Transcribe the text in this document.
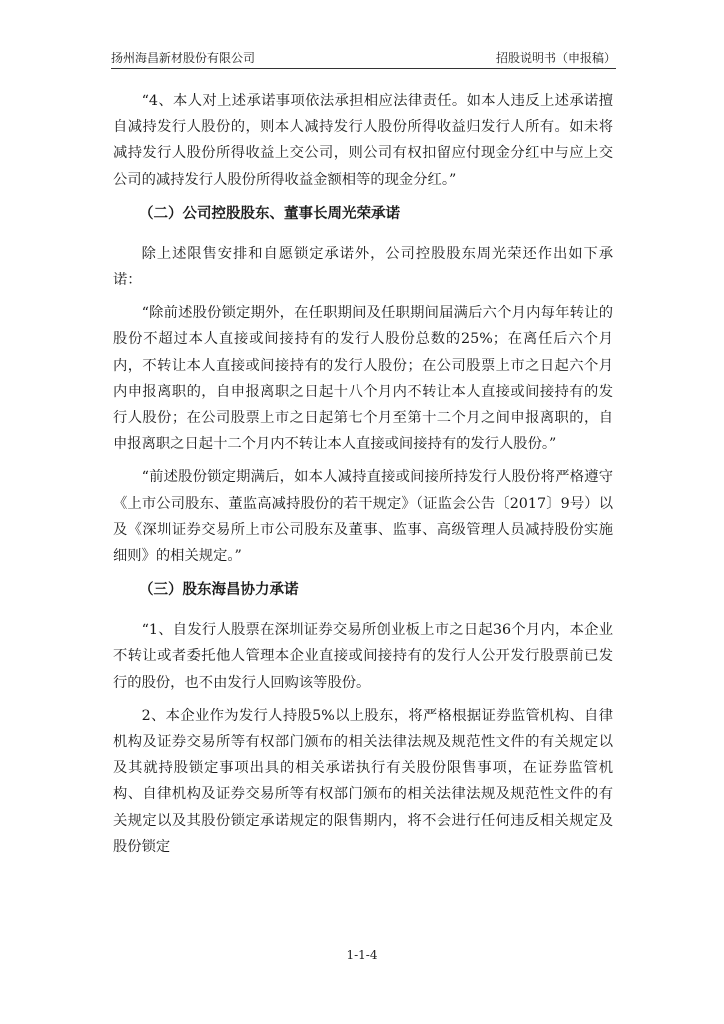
扬州海昌新材股份有限公司	招股说明书（申报稿）

“4、本人对上述承诺事项依法承担相应法律责任。如本人违反上述承诺擅自减持发行人股份的，则本人减持发行人股份所得收益归发行人所有。如未将减持发行人股份所得收益上交公司，则公司有权扣留应付现金分红中与应上交公司的减持发行人股份所得收益金额相等的现金分红。”

（二）公司控股股东、董事长周光荣承诺

除上述限售安排和自愿锁定承诺外，公司控股股东周光荣还作出如下承诺：

“除前述股份锁定期外，在任职期间及任职期间届满后六个月内每年转让的股份不超过本人直接或间接持有的发行人股份总数的25%；在离任后六个月内，不转让本人直接或间接持有的发行人股份；在公司股票上市之日起六个月内申报离职的，自申报离职之日起十八个月内不转让本人直接或间接持有的发行人股份；在公司股票上市之日起第七个月至第十二个月之间申报离职的，自申报离职之日起十二个月内不转让本人直接或间接持有的发行人股份。”

“前述股份锁定期满后，如本人减持直接或间接所持发行人股份将严格遵守《上市公司股东、董监高减持股份的若干规定》（证监会公告〔2017〕9号）以及《深圳证券交易所上市公司股东及董事、监事、高级管理人员减持股份实施细则》的相关规定。”

（三）股东海昌协力承诺

“1、自发行人股票在深圳证券交易所创业板上市之日起36个月内，本企业不转让或者委托他人管理本企业直接或间接持有的发行人公开发行股票前已发行的股份，也不由发行人回购该等股份。

2、本企业作为发行人持股5%以上股东，将严格根据证券监管机构、自律机构及证券交易所等有权部门颁布的相关法律法规及规范性文件的有关规定以及其就持股锁定事项出具的相关承诺执行有关股份限售事项，在证券监管机构、自律机构及证券交易所等有权部门颁布的相关法律法规及规范性文件的有关规定以及其股份锁定承诺规定的限售期内，将不会进行任何违反相关规定及股份锁定

1-1-4
